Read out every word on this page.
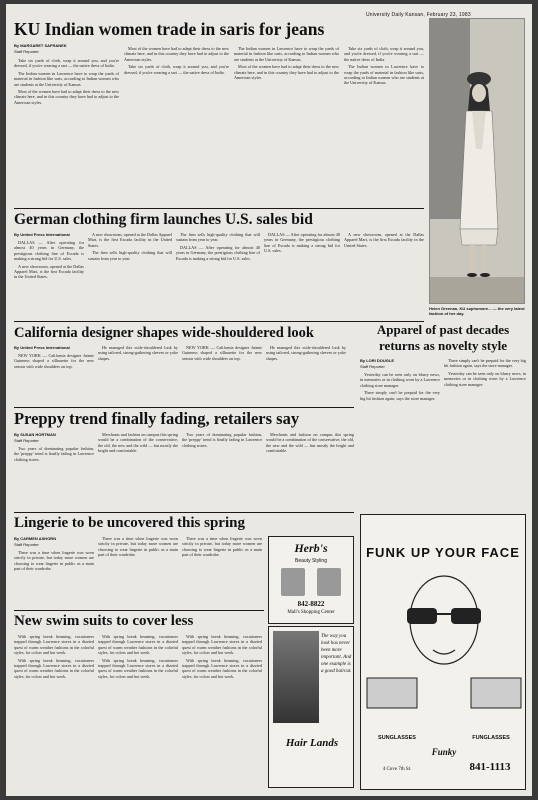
University Daily Kansan, February 23, 1983
KU Indian women trade in saris for jeans
By MARGARET SAFRANEK
Staff Reporter

Take six yards of cloth, wrap it around you, and you're dressed, if you're wearing a sari — the native dress of India.

The Indian women in Lawrence have to wrap the yards of material in fashion like saris, according to Indian women who are students at the University of Kansas.

Most of the women have had to adapt their dress to the new climate here, and in this country they have had to adjust to the American styles.

Most of the women have had to adapt their dress to the new climate here, and in this country they have had to adjust to the American styles.

Take six yards of cloth, wrap it around you, and you're dressed, if you're wearing a sari — the native dress of India.

The Indian women in Lawrence have to wrap the yards of material in fashion like saris, according to Indian women who are students at the University of Kansas.

Most of the women have had to adapt their dress to the new climate here, and in this country they have had to adjust to the American styles.

Take six yards of cloth, wrap it around you, and you're dressed, if you're wearing a sari — the native dress of India.

The Indian women in Lawrence have to wrap the yards of material in fashion like saris, according to Indian women who are students at the University of Kansas.

Helen Greenan, KU sophomore... — the very latest fashion of her day.
German clothing firm launches U.S. sales bid
By United Press International

DALLAS — After operating for almost 40 years in Germany, the prestigious clothing line of Escada is making a strong bid for U.S. sales.

A new showroom, opened at the Dallas Apparel Mart, is the first Escada facility in the United States.

A new showroom, opened at the Dallas Apparel Mart, is the first Escada facility in the United States.

The firm sells high-quality clothing that will sustain from year to year.

The firm sells high-quality clothing that will sustain from year to year.

DALLAS — After operating for almost 40 years in Germany, the prestigious clothing line of Escada is making a strong bid for U.S. sales.

DALLAS — After operating for almost 40 years in Germany, the prestigious clothing line of Escada is making a strong bid for U.S. sales.

A new showroom, opened at the Dallas Apparel Mart, is the first Escada facility in the United States.

California designer shapes wide-shouldered look
By United Press International

NEW YORK — California designer Jaimie Guinness shaped a silhouette for the new season with wide shoulders on top.

He managed this wide-shouldered look by using tailored, strong-gathering sleeves or yoke shapes.

NEW YORK — California designer Jaimie Guinness shaped a silhouette for the new season with wide shoulders on top.

He managed this wide-shouldered look by using tailored, strong-gathering sleeves or yoke shapes.

Apparel of past decades returns as novelty style
By LORI DOUGLE
Staff Reporter

Yesterday can be seen only on blurry news, in memories or in clothing worn by a Lawrence clothing store manager.

There simply can't be prepaid for the very big hit fashion again, says the store manager.

There simply can't be prepaid for the very big hit fashion again, says the store manager.

Yesterday can be seen only on blurry news, in memories or in clothing worn by a Lawrence clothing store manager.

Preppy trend finally fading, retailers say
By SUSAN HORTMAN
Staff Reporter

Two years of dominating popular fashion, the 'preppy' trend is finally fading in Lawrence clothing stores.

Merchants and fashion on campus this spring would be a combination of the conservative, the old, the new and the wild — but mostly the bright and comfortable.

Two years of dominating popular fashion, the 'preppy' trend is finally fading in Lawrence clothing stores.

Merchants and fashion on campus this spring would be a combination of the conservative, the old, the new and the wild — but mostly the bright and comfortable.

Lingerie to be uncovered this spring
By CARMEN ASHORN
Staff Reporter

There was a time when lingerie was worn strictly in private, but today more women are choosing to wear lingerie in public as a main part of their wardrobe.

There was a time when lingerie was worn strictly in private, but today more women are choosing to wear lingerie in public as a main part of their wardrobe.

There was a time when lingerie was worn strictly in private, but today more women are choosing to wear lingerie in public as a main part of their wardrobe.

New swim suits to cover less

With spring break beaming, vacationers trapped through Lawrence stores in a dizzied quest of warm weather fashions in the colorful styles, for colors and hot week.

With spring break beaming, vacationers trapped through Lawrence stores in a dizzied quest of warm weather fashions in the colorful styles, for colors and hot week.

With spring break beaming, vacationers trapped through Lawrence stores in a dizzied quest of warm weather fashions in the colorful styles, for colors and hot week.

With spring break beaming, vacationers trapped through Lawrence stores in a dizzied quest of warm weather fashions in the colorful styles, for colors and hot week.

With spring break beaming, vacationers trapped through Lawrence stores in a dizzied quest of warm weather fashions in the colorful styles, for colors and hot week.

With spring break beaming, vacationers trapped through Lawrence stores in a dizzied quest of warm weather fashions in the colorful styles, for colors and hot week.

Herb's
Beauty Styling
842-8822
Mall's Shopping Center
The way you look has never been more important. And one example is a good haircut.
Hair Lands
FUNK UP YOUR FACE
SUNGLASSES	FUNGLASSES
Funky
4 Cove 7th St.	841-1113
